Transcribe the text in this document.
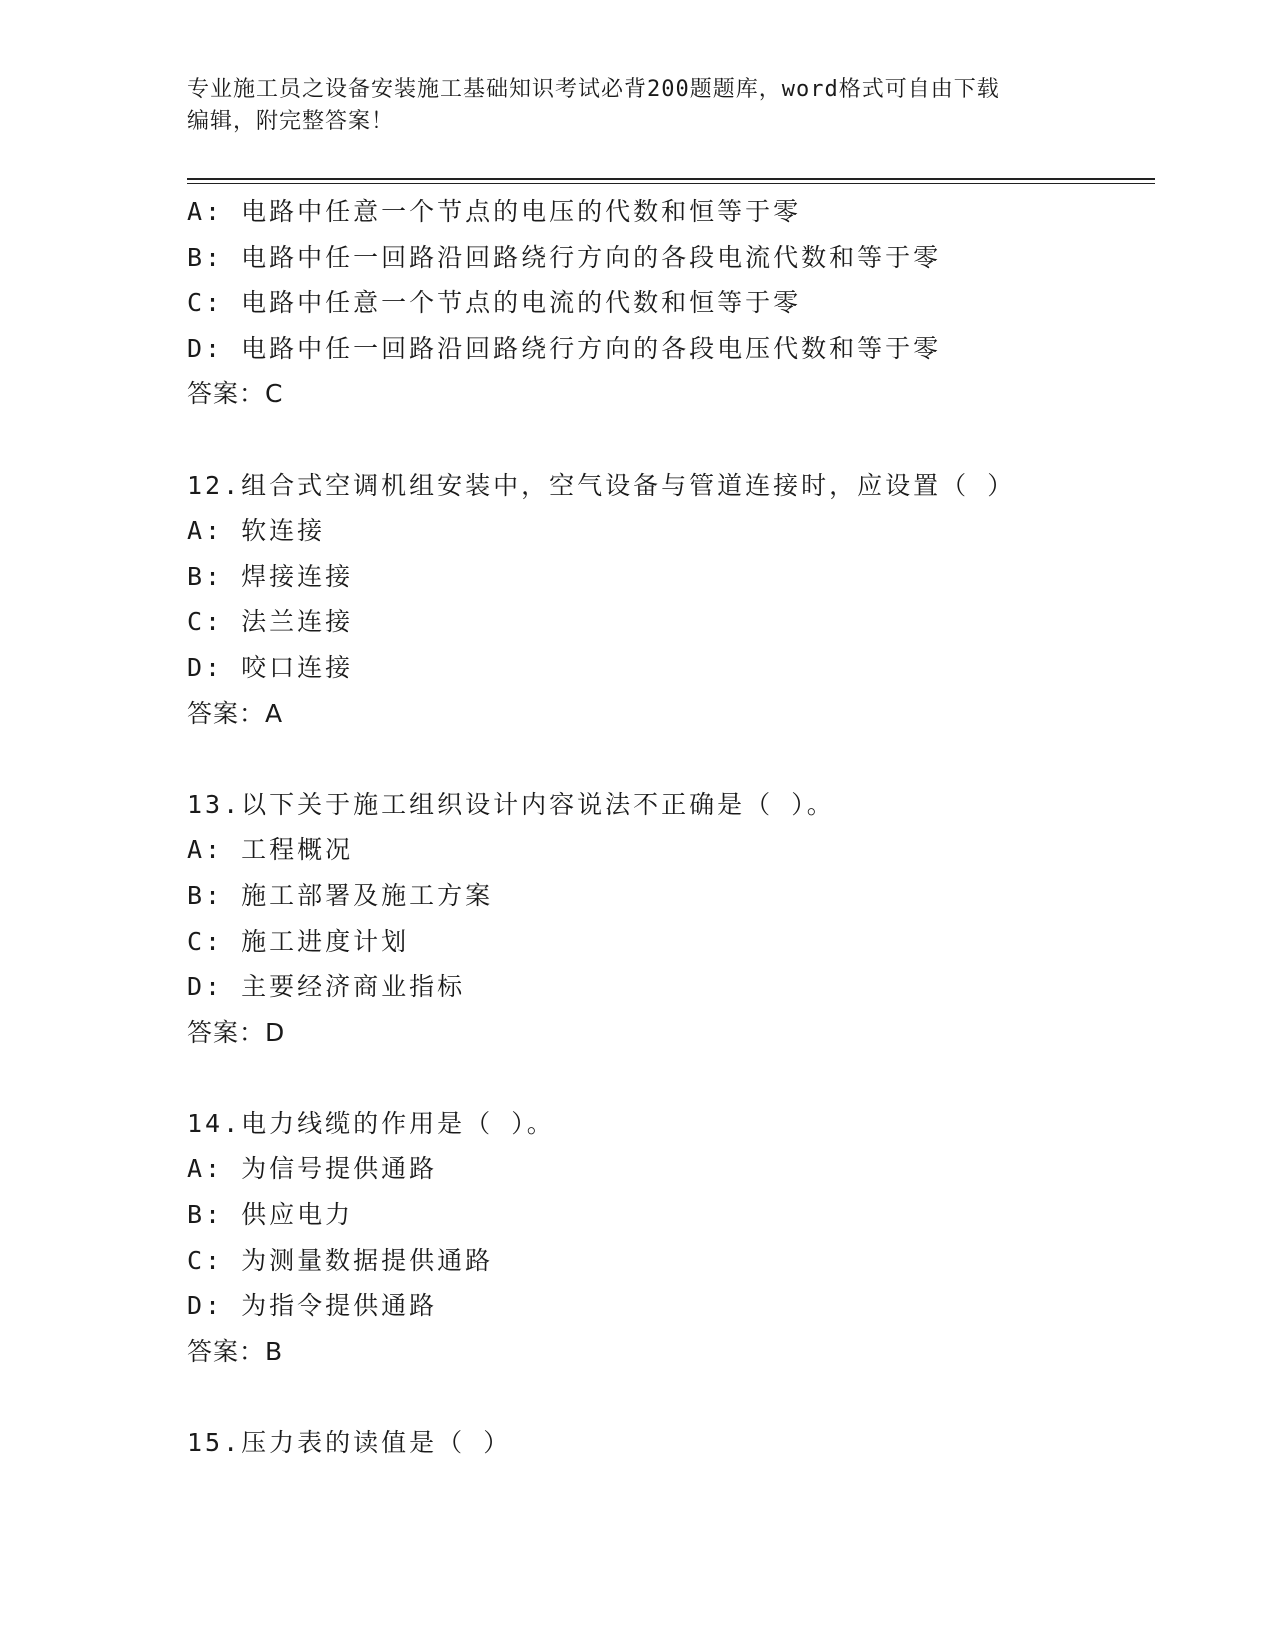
专业施工员之设备安装施工基础知识考试必背200题题库，word格式可自由下载
编辑，附完整答案！
A: 电路中任意一个节点的电压的代数和恒等于零
B: 电路中任一回路沿回路绕行方向的各段电流代数和等于零
C: 电路中任意一个节点的电流的代数和恒等于零
D: 电路中任一回路沿回路绕行方向的各段电压代数和等于零
答案：C
12.组合式空调机组安装中，空气设备与管道连接时，应设置（ ）
A: 软连接
B: 焊接连接
C: 法兰连接
D: 咬口连接
答案：A
13.以下关于施工组织设计内容说法不正确是（ ）。
A: 工程概况
B: 施工部署及施工方案
C: 施工进度计划
D: 主要经济商业指标
答案：D
14.电力线缆的作用是（ ）。
A: 为信号提供通路
B: 供应电力
C: 为测量数据提供通路
D: 为指令提供通路
答案：B
15.压力表的读值是（ ）
